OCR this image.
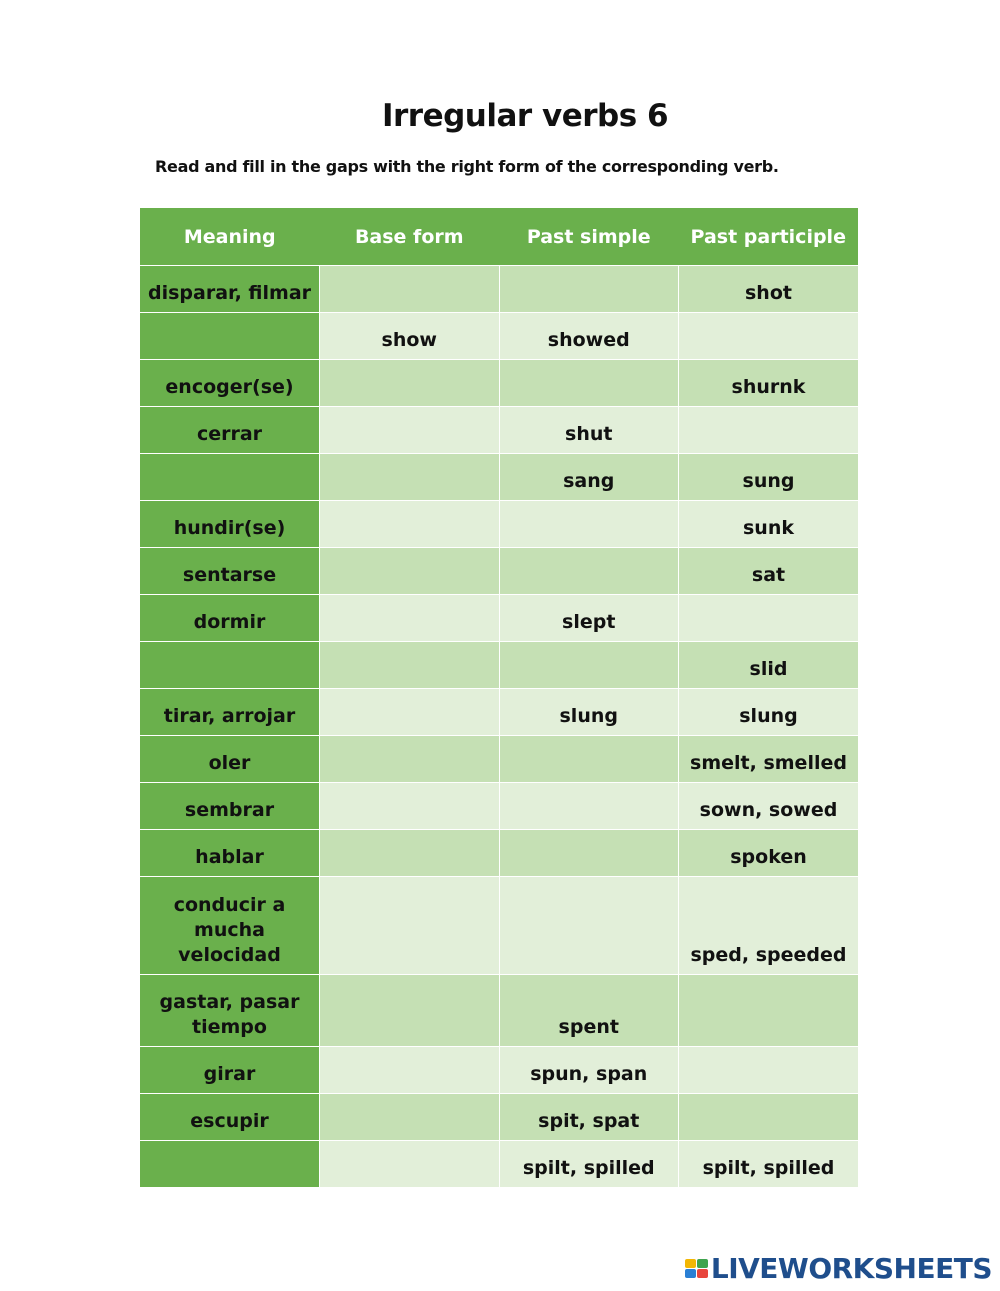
Irregular verbs 6
Read and fill in the gaps with the right form of the corresponding verb.
Meaning	Base form	Past simple	Past participle
disparar, filmar			shot
	show	showed	
encoger(se)			shurnk
cerrar		shut	
		sang	sung
hundir(se)			sunk
sentarse			sat
dormir		slept	
			slid
tirar, arrojar		slung	slung
oler			smelt, smelled
sembrar			sown, sowed
hablar			spoken
conducir a mucha velocidad			sped, speeded
gastar, pasar tiempo		spent	
girar		spun, span	
escupir		spit, spat	
		spilt, spilled	spilt, spilled
LIVEWORKSHEETS
